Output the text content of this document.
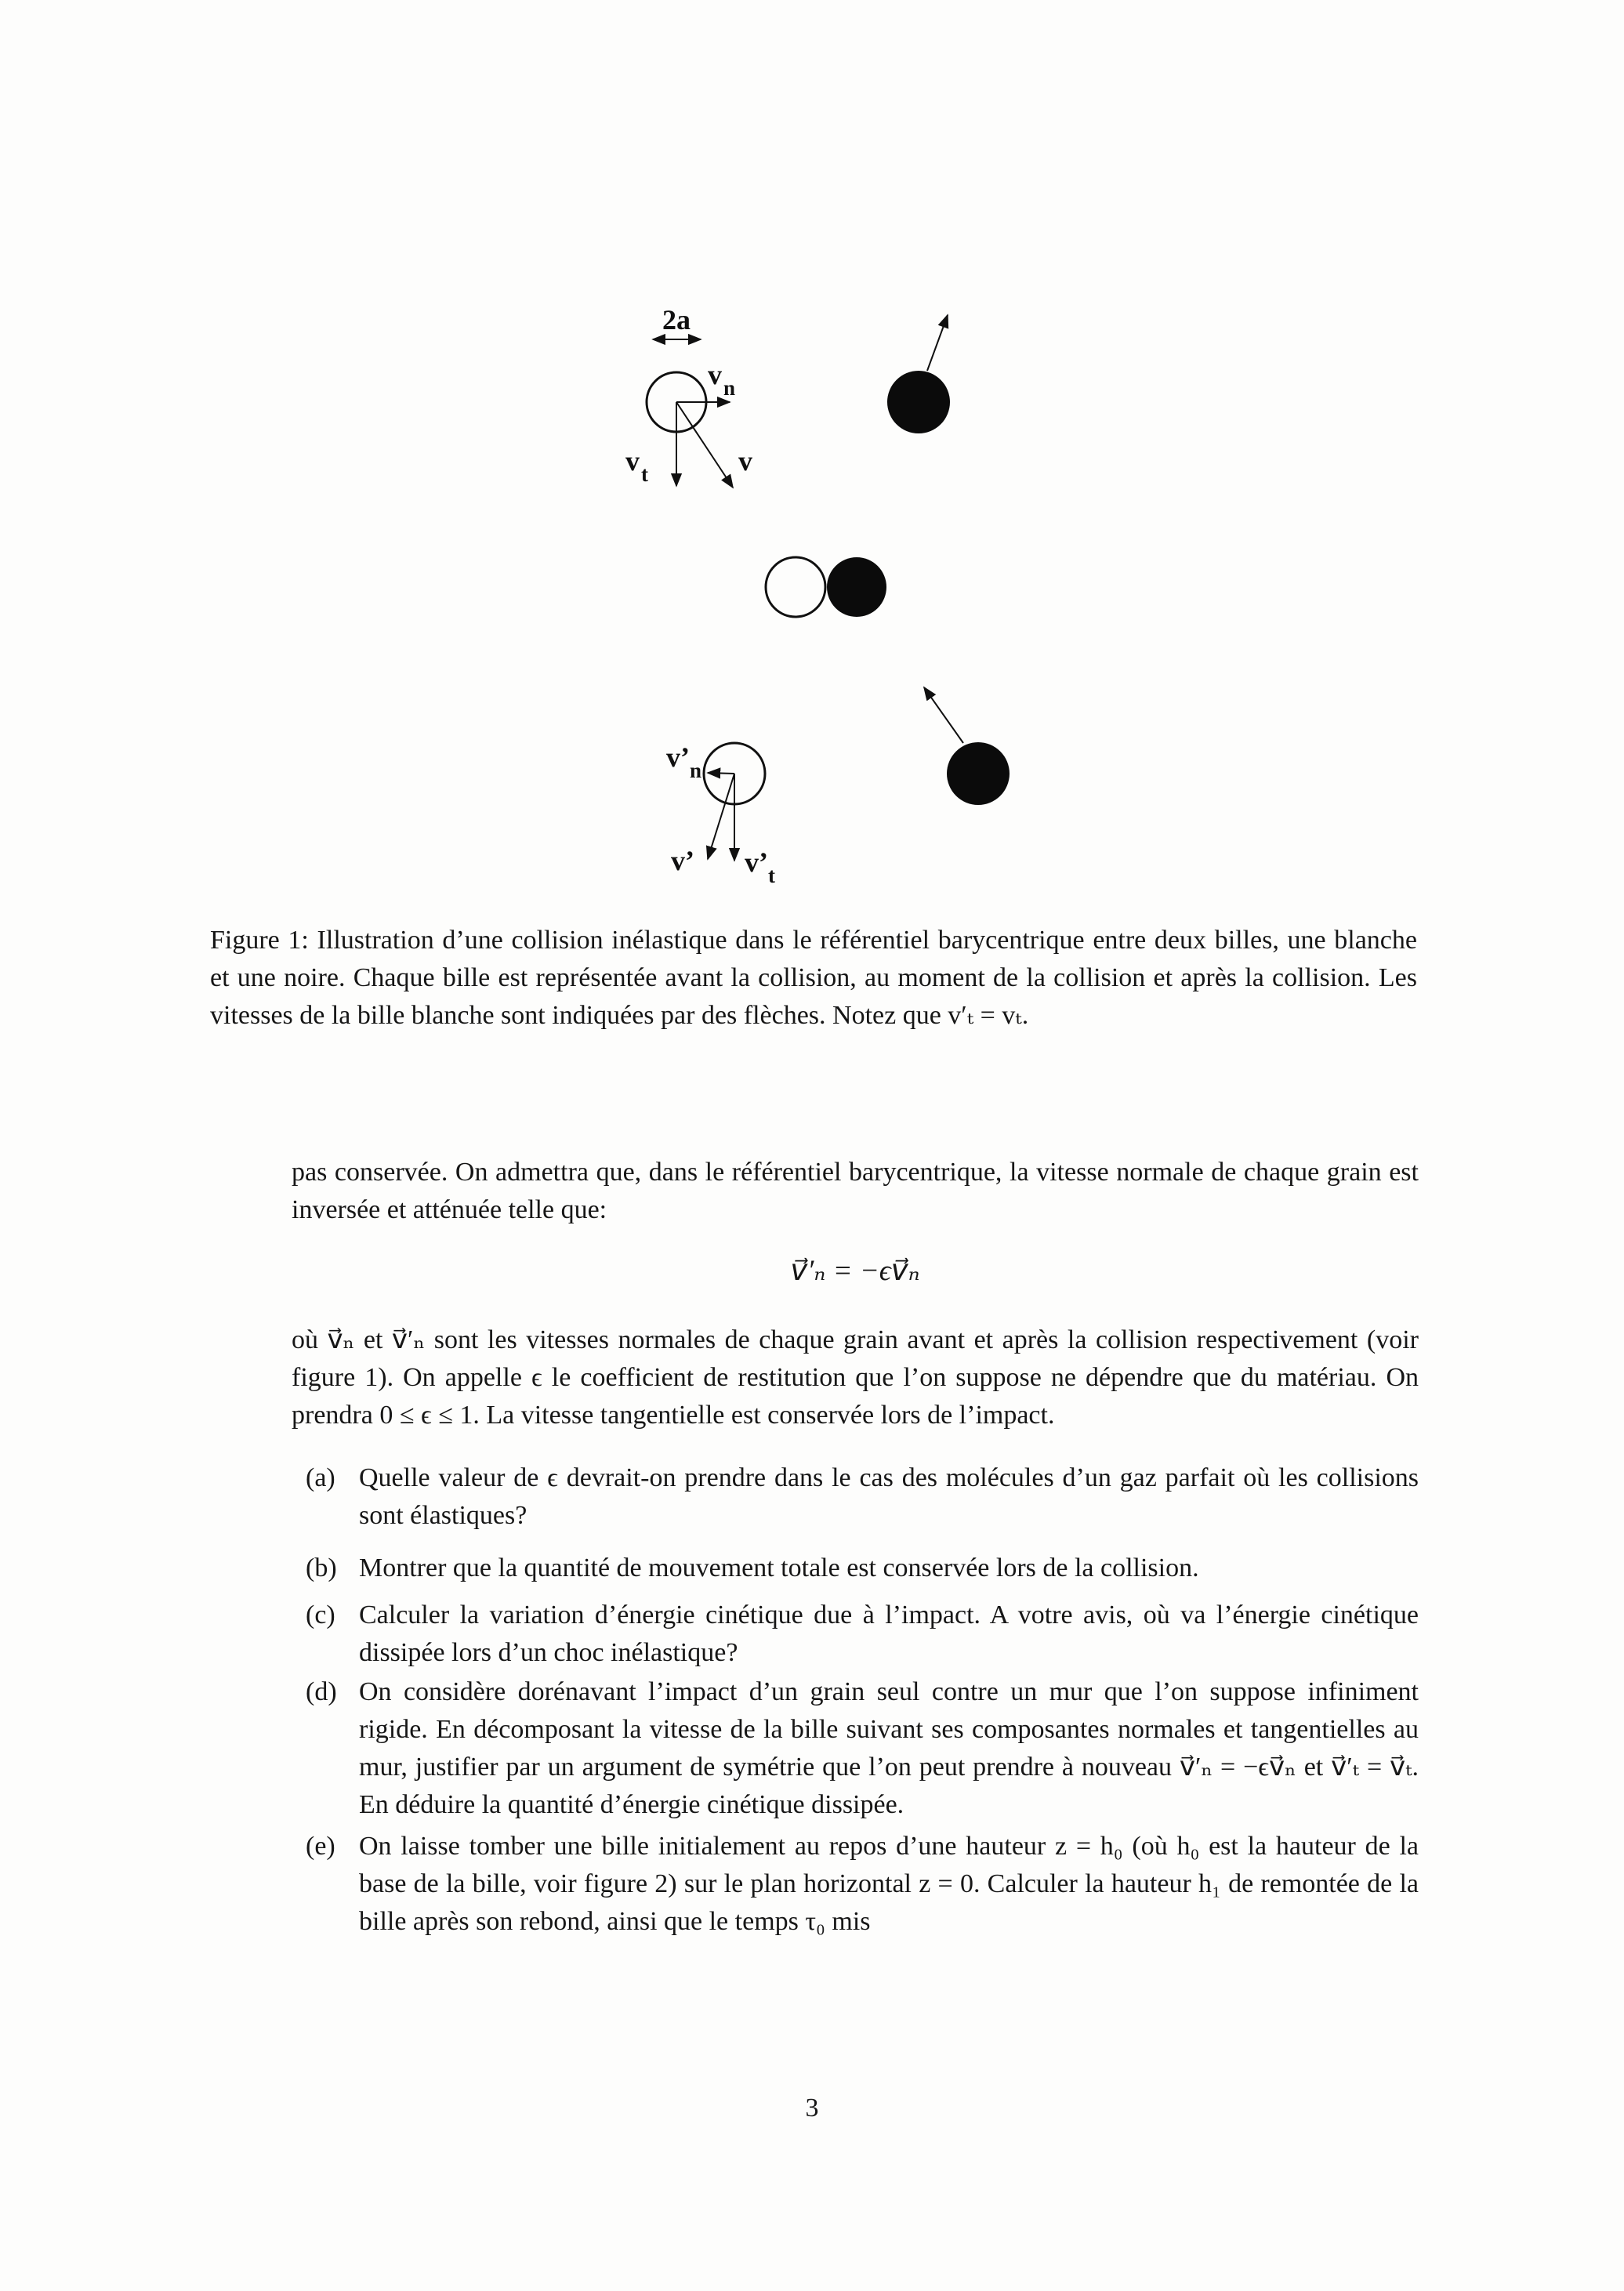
2a
$v_n$
$v_t$	v
$v’_n$
v’ $v’_t$

Figure 1: Illustration d’une collision inélastique dans le référentiel barycentrique entre deux billes, une blanche et une noire. Chaque bille est représentée avant la collision, au moment de la collision et après la collision. Les vitesses de la bille blanche sont indiquées par des flèches. Notez que v′ₜ = vₜ.

pas conservée. On admettra que, dans le référentiel barycentrique, la vitesse normale de chaque grain est inversée et atténuée telle que:

v⃗′ₙ = −ϵv⃗ₙ

où v⃗ₙ et v⃗′ₙ sont les vitesses normales de chaque grain avant et après la collision respectivement (voir figure 1). On appelle ϵ le coefficient de restitution que l’on suppose ne dépendre que du matériau. On prendra 0 ≤ ϵ ≤ 1. La vitesse tangentielle est conservée lors de l’impact.

(a) Quelle valeur de ϵ devrait-on prendre dans le cas des molécules d’un gaz parfait où les collisions sont élastiques?
(b) Montrer que la quantité de mouvement totale est conservée lors de la collision.
(c) Calculer la variation d’énergie cinétique due à l’impact. A votre avis, où va l’énergie cinétique dissipée lors d’un choc inélastique?
(d) On considère dorénavant l’impact d’un grain seul contre un mur que l’on suppose infiniment rigide. En décomposant la vitesse de la bille suivant ses composantes normales et tangentielles au mur, justifier par un argument de symétrie que l’on peut prendre à nouveau v⃗′ₙ = −ϵv⃗ₙ et v⃗′ₜ = v⃗ₜ. En déduire la quantité d’énergie cinétique dissipée.
(e) On laisse tomber une bille initialement au repos d’une hauteur z = h₀ (où h₀ est la hauteur de la base de la bille, voir figure 2) sur le plan horizontal z = 0. Calculer la hauteur h₁ de remontée de la bille après son rebond, ainsi que le temps τ₀ mis
3
